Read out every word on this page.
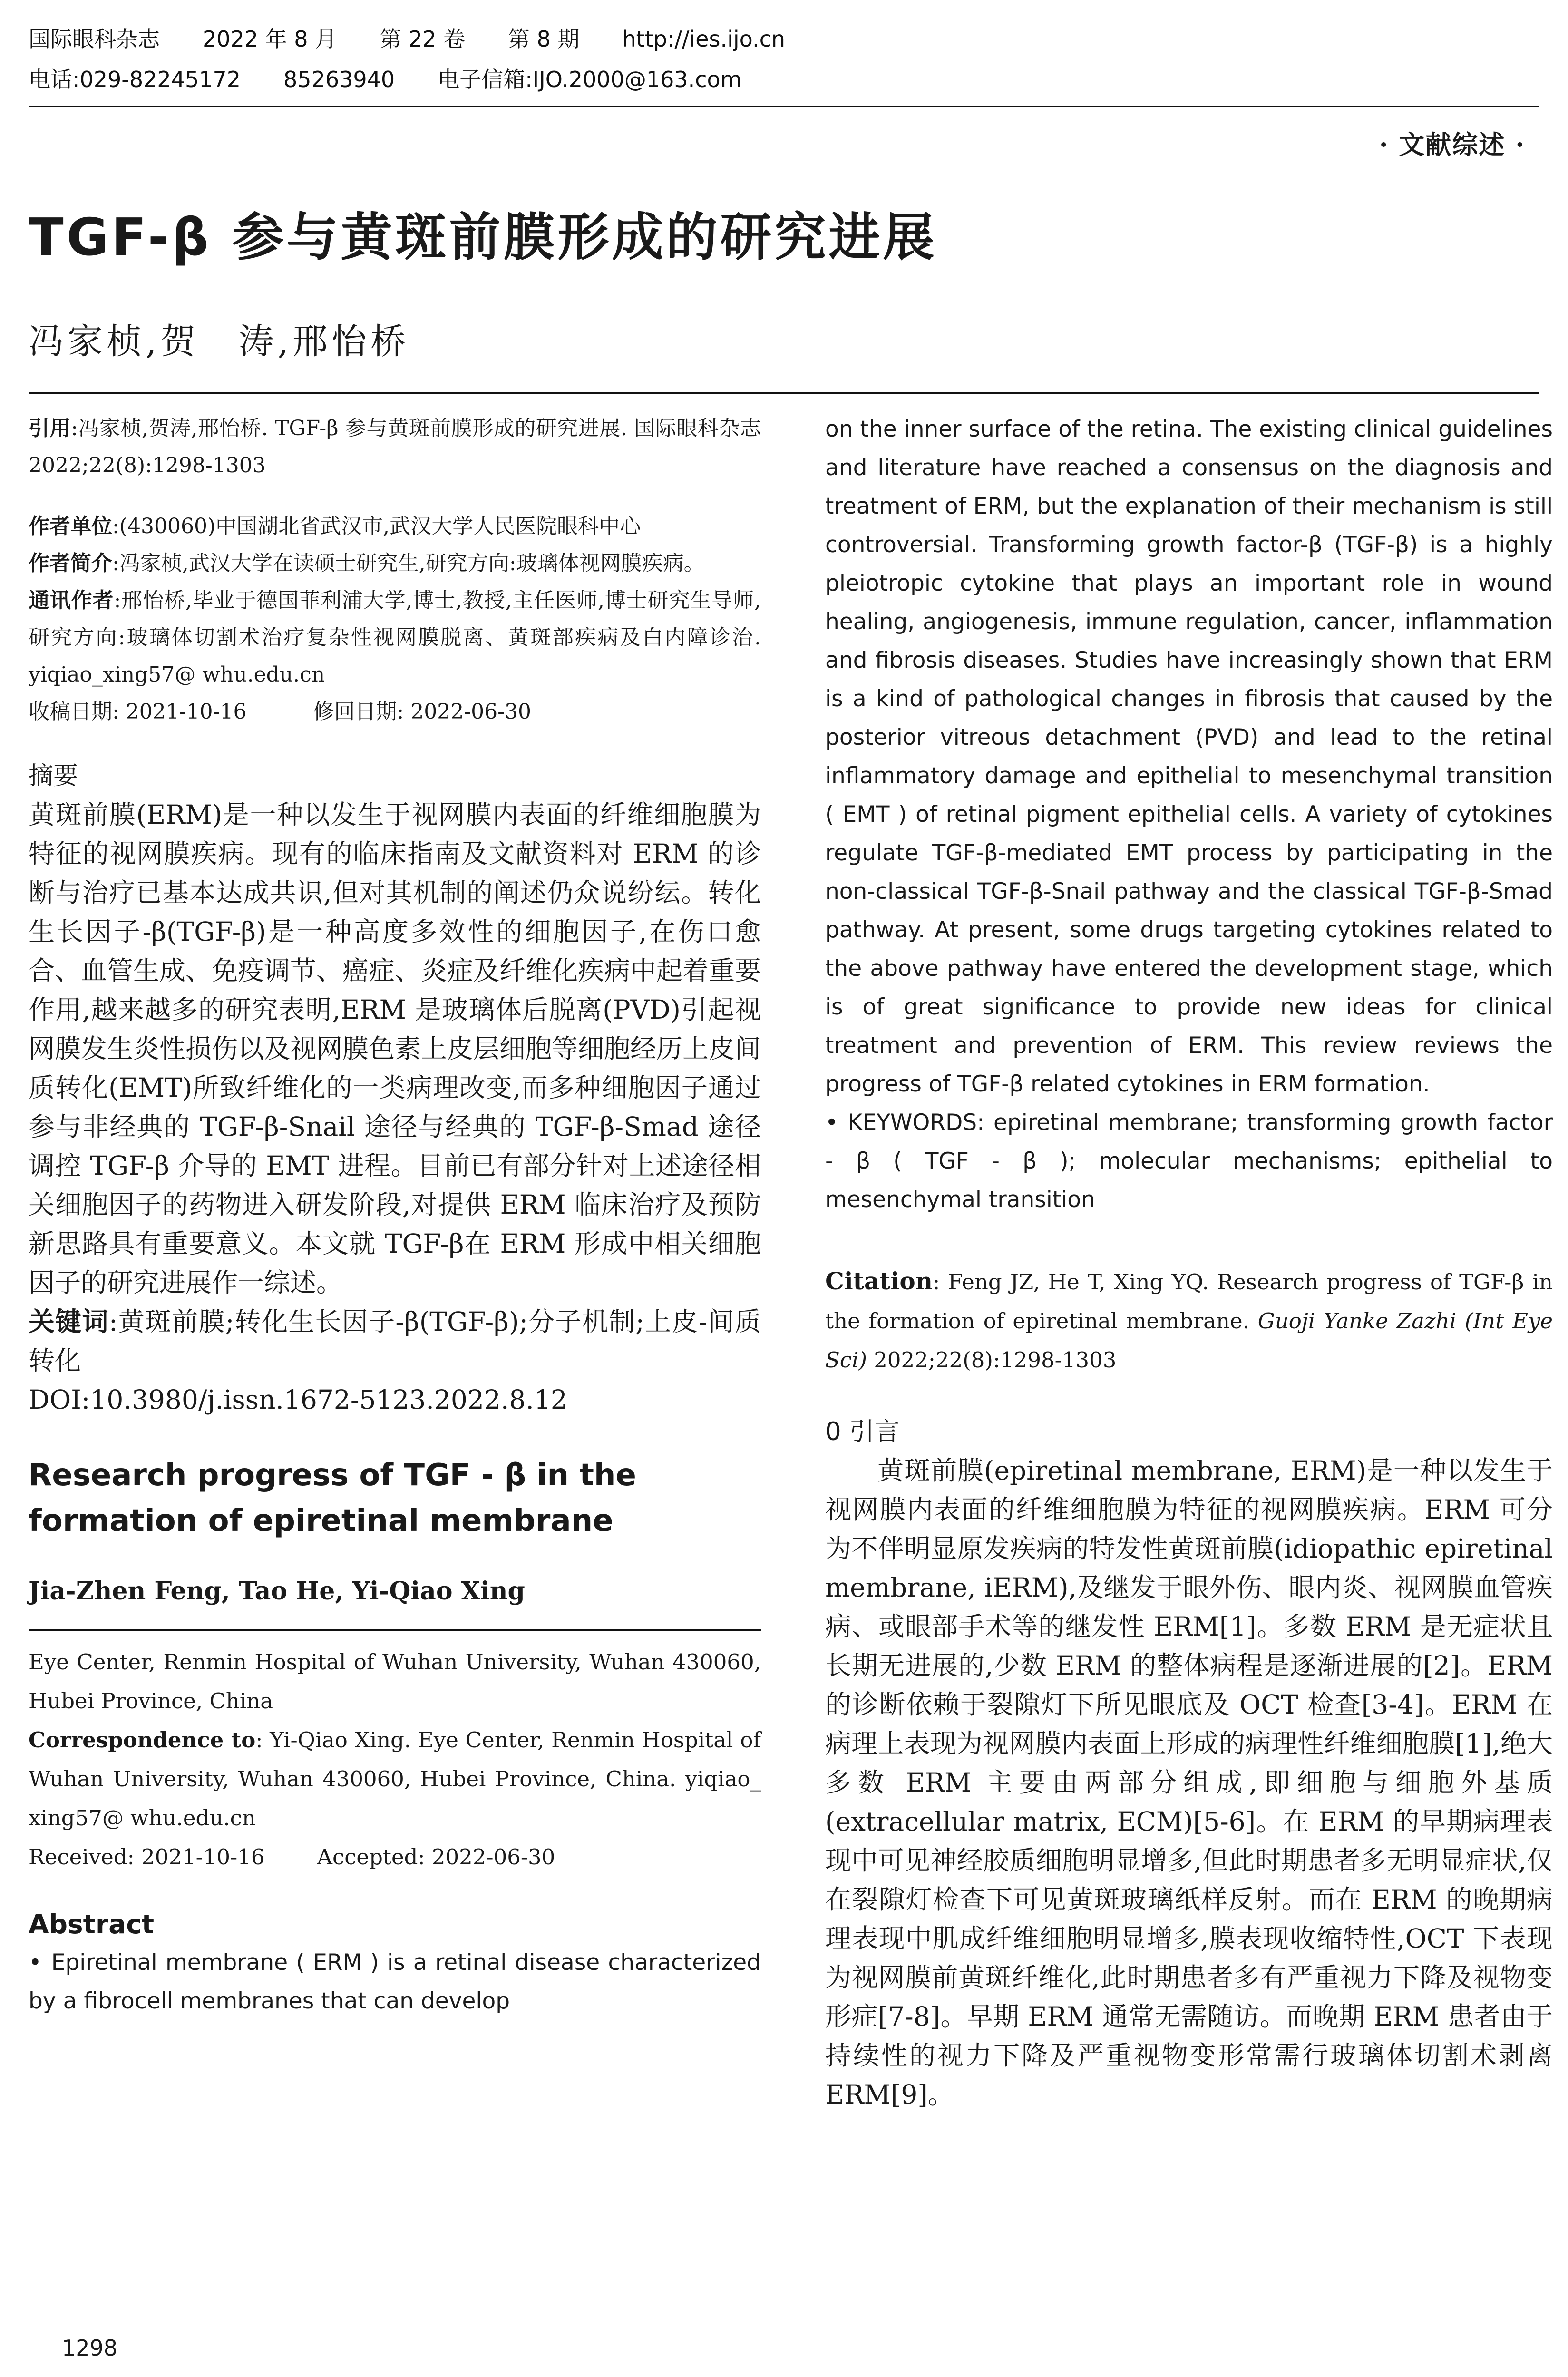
国际眼科杂志 2022 年 8 月 第 22 卷 第 8 期 http://ies.ijo.cn
电话:029-82245172 85263940 电子信箱:IJO.2000@163.com
· 文献综述 ·
TGF-β 参与黄斑前膜形成的研究进展
冯家桢,贺　涛,邢怡桥

引用:冯家桢,贺涛,邢怡桥. TGF-β 参与黄斑前膜形成的研究进展. 国际眼科杂志 2022;22(8):1298-1303

作者单位:(430060)中国湖北省武汉市,武汉大学人民医院眼科中心

作者简介:冯家桢,武汉大学在读硕士研究生,研究方向:玻璃体视网膜疾病。

通讯作者:邢怡桥,毕业于德国菲利浦大学,博士,教授,主任医师,博士研究生导师,研究方向:玻璃体切割术治疗复杂性视网膜脱离、黄斑部疾病及白内障诊治. yiqiao_xing57@ whu.edu.cn

收稿日期: 2021-10-16	修回日期: 2022-06-30

摘要

黄斑前膜(ERM)是一种以发生于视网膜内表面的纤维细胞膜为特征的视网膜疾病。现有的临床指南及文献资料对 ERM 的诊断与治疗已基本达成共识,但对其机制的阐述仍众说纷纭。转化生长因子-β(TGF-β)是一种高度多效性的细胞因子,在伤口愈合、血管生成、免疫调节、癌症、炎症及纤维化疾病中起着重要作用,越来越多的研究表明,ERM 是玻璃体后脱离(PVD)引起视网膜发生炎性损伤以及视网膜色素上皮层细胞等细胞经历上皮间质转化(EMT)所致纤维化的一类病理改变,而多种细胞因子通过参与非经典的 TGF-β-Snail 途径与经典的 TGF-β-Smad 途径调控 TGF-β 介导的 EMT 进程。目前已有部分针对上述途径相关细胞因子的药物进入研发阶段,对提供 ERM 临床治疗及预防新思路具有重要意义。本文就 TGF-β在 ERM 形成中相关细胞因子的研究进展作一综述。

关键词:黄斑前膜;转化生长因子-β(TGF-β);分子机制;上皮-间质转化

DOI:10.3980/j.issn.1672-5123.2022.8.12

Research progress of TGF - β in the formation of epiretinal membrane

Jia-Zhen Feng, Tao He, Yi-Qiao Xing

Eye Center, Renmin Hospital of Wuhan University, Wuhan 430060, Hubei Province, China

Correspondence to: Yi-Qiao Xing. Eye Center, Renmin Hospital of Wuhan University, Wuhan 430060, Hubei Province, China. yiqiao_ xing57@ whu.edu.cn

Received: 2021-10-16 Accepted: 2022-06-30

Abstract

• Epiretinal membrane ( ERM ) is a retinal disease characterized by a fibrocell membranes that can develop

on the inner surface of the retina. The existing clinical guidelines and literature have reached a consensus on the diagnosis and treatment of ERM, but the explanation of their mechanism is still controversial. Transforming growth factor-β (TGF-β) is a highly pleiotropic cytokine that plays an important role in wound healing, angiogenesis, immune regulation, cancer, inflammation and fibrosis diseases. Studies have increasingly shown that ERM is a kind of pathological changes in fibrosis that caused by the posterior vitreous detachment (PVD) and lead to the retinal inflammatory damage and epithelial to mesenchymal transition ( EMT ) of retinal pigment epithelial cells. A variety of cytokines regulate TGF-β-mediated EMT process by participating in the non-classical TGF-β-Snail pathway and the classical TGF-β-Smad pathway. At present, some drugs targeting cytokines related to the above pathway have entered the development stage, which is of great significance to provide new ideas for clinical treatment and prevention of ERM. This review reviews the progress of TGF-β related cytokines in ERM formation.

• KEYWORDS: epiretinal membrane; transforming growth factor - β ( TGF - β ); molecular mechanisms; epithelial to mesenchymal transition

Citation: Feng JZ, He T, Xing YQ. Research progress of TGF-β in the formation of epiretinal membrane. Guoji Yanke Zazhi (Int Eye Sci) 2022;22(8):1298-1303

0 引言

黄斑前膜(epiretinal membrane, ERM)是一种以发生于视网膜内表面的纤维细胞膜为特征的视网膜疾病。ERM 可分为不伴明显原发疾病的特发性黄斑前膜(idiopathic epiretinal membrane, iERM),及继发于眼外伤、眼内炎、视网膜血管疾病、或眼部手术等的继发性 ERM[1]。多数 ERM 是无症状且长期无进展的,少数 ERM 的整体病程是逐渐进展的[2]。ERM 的诊断依赖于裂隙灯下所见眼底及 OCT 检查[3-4]。ERM 在病理上表现为视网膜内表面上形成的病理性纤维细胞膜[1],绝大多数 ERM 主要由两部分组成,即细胞与细胞外基质(extracellular matrix, ECM)[5-6]。在 ERM 的早期病理表现中可见神经胶质细胞明显增多,但此时期患者多无明显症状,仅在裂隙灯检查下可见黄斑玻璃纸样反射。而在 ERM 的晚期病理表现中肌成纤维细胞明显增多,膜表现收缩特性,OCT 下表现为视网膜前黄斑纤维化,此时期患者多有严重视力下降及视物变形症[7-8]。早期 ERM 通常无需随访。而晚期 ERM 患者由于持续性的视力下降及严重视物变形常需行玻璃体切割术剥离 ERM[9]。

1298
